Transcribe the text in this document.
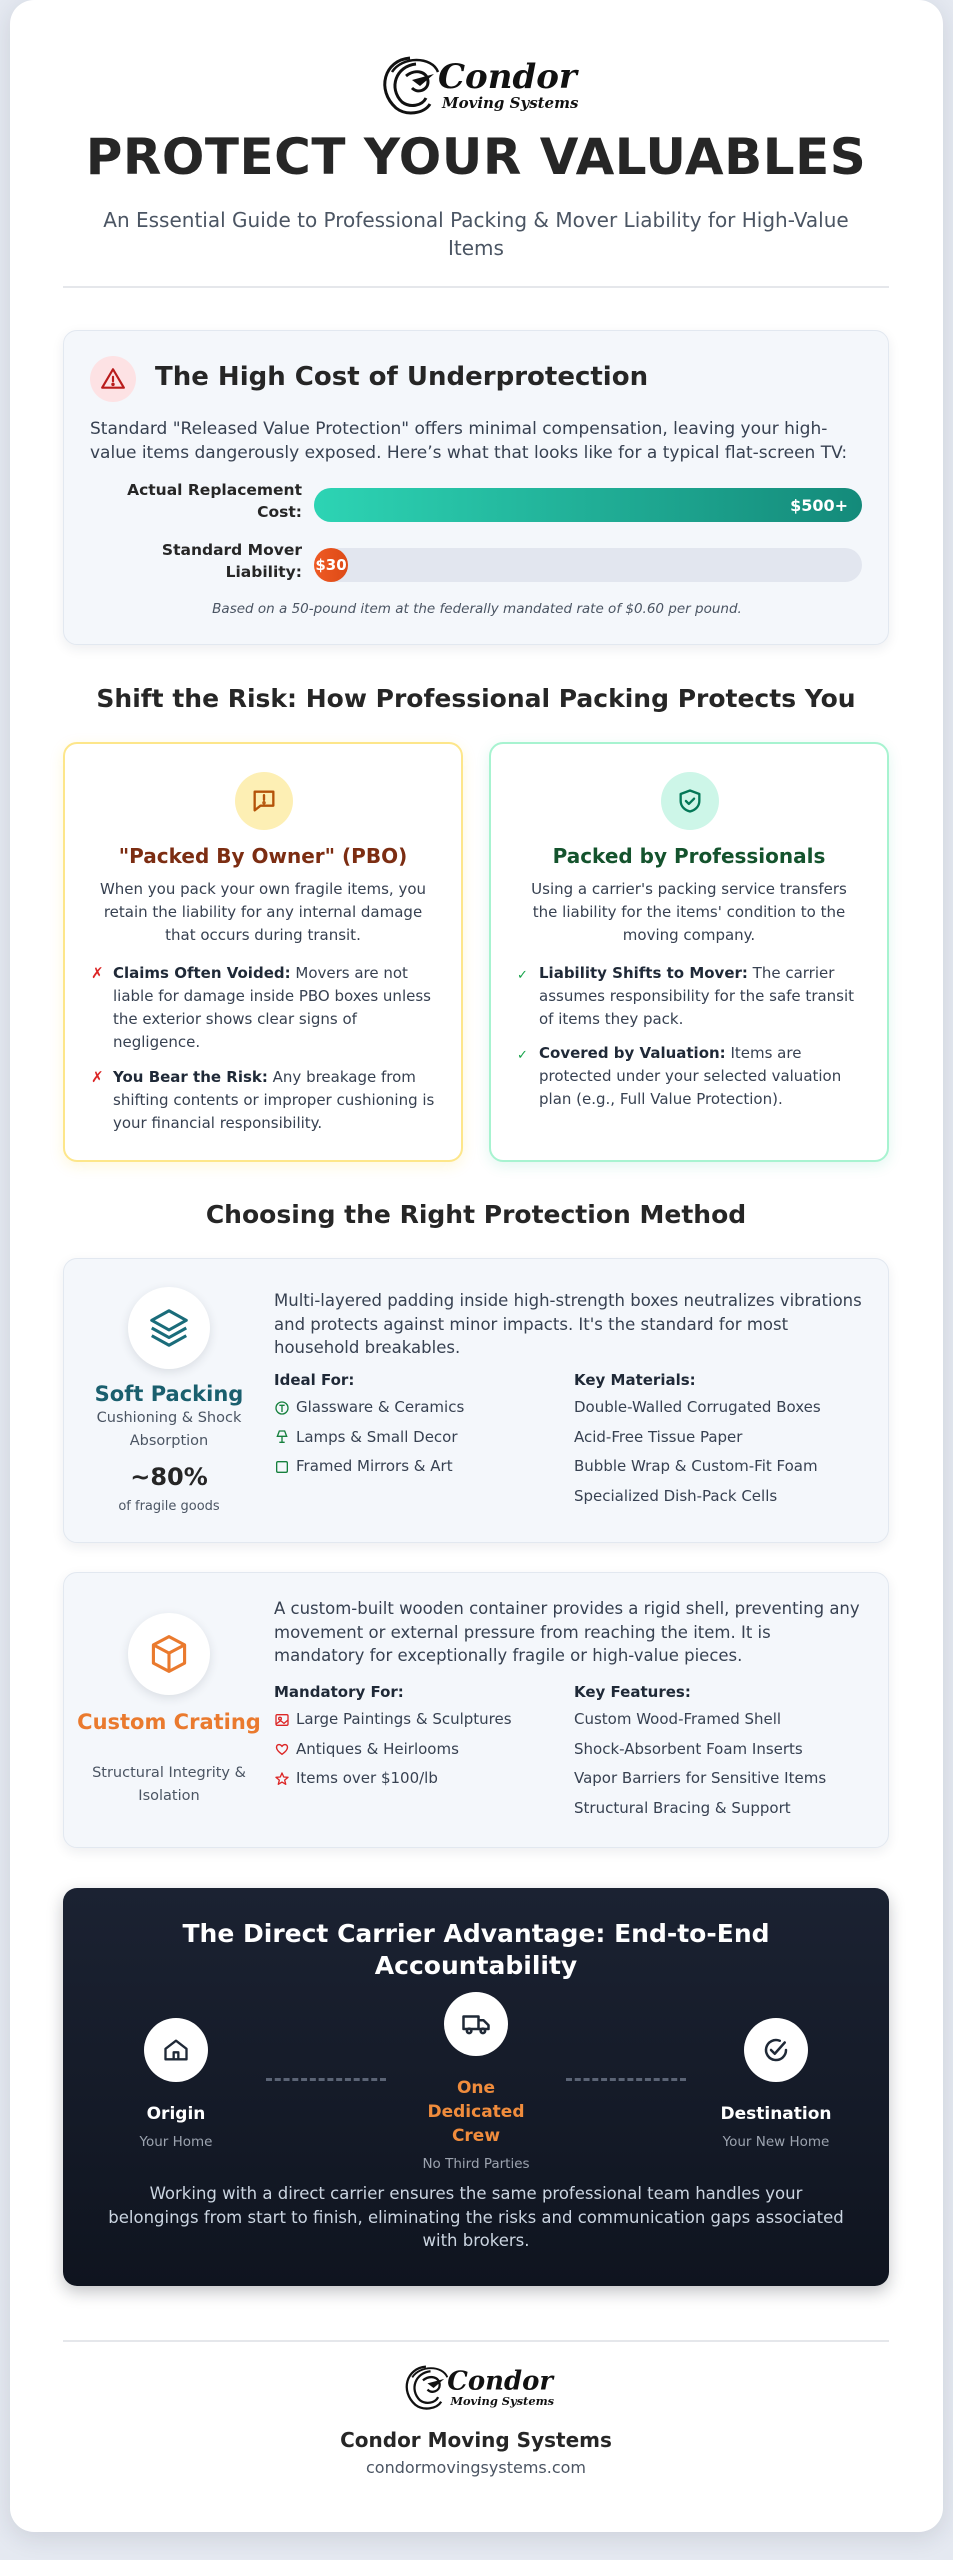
Condor
Moving Systems
PROTECT YOUR VALUABLES
An Essential Guide to Professional Packing & Mover Liability for High-Value Items
The High Cost of Underprotection
Standard "Released Value Protection" offers minimal compensation, leaving your high-value items dangerously exposed. Here’s what that looks like for a typical flat-screen TV:
Actual Replacement Cost:	$500+
Standard Mover Liability: $30
Based on a 50-pound item at the federally mandated rate of $0.60 per pound.
Shift the Risk: How Professional Packing Protects You
"Packed By Owner" (PBO)
When you pack your own fragile items, you retain the liability for any internal damage that occurs during transit.
✗ Claims Often Voided: Movers are not liable for damage inside PBO boxes unless the exterior shows clear signs of negligence.
✗ You Bear the Risk: Any breakage from shifting contents or improper cushioning is your financial responsibility.
Packed by Professionals
Using a carrier's packing service transfers the liability for the items' condition to the moving company.
✓ Liability Shifts to Mover: The carrier assumes responsibility for the safe transit of items they pack.
✓ Covered by Valuation: Items are protected under your selected valuation plan (e.g., Full Value Protection).
Choosing the Right Protection Method
Soft Packing
Cushioning & Shock Absorption
~80%
of fragile goods
Multi-layered padding inside high-strength boxes neutralizes vibrations and protects against minor impacts. It's the standard for most household breakables.
Ideal For:
Glassware & Ceramics
Lamps & Small Decor
Framed Mirrors & Art
Key Materials:
Double-Walled Corrugated Boxes
Acid-Free Tissue Paper
Bubble Wrap & Custom-Fit Foam
Specialized Dish-Pack Cells
Custom Crating
Structural Integrity & Isolation
A custom-built wooden container provides a rigid shell, preventing any movement or external pressure from reaching the item. It is mandatory for exceptionally fragile or high-value pieces.
Mandatory For:
Large Paintings & Sculptures
Antiques & Heirlooms
Items over $100/lb
Key Features:
Custom Wood-Framed Shell
Shock-Absorbent Foam Inserts
Vapor Barriers for Sensitive Items
Structural Bracing & Support
The Direct Carrier Advantage: End-to-End Accountability
Origin
Your Home
One Dedicated Crew
No Third Parties
Destination
Your New Home
Working with a direct carrier ensures the same professional team handles your belongings from start to finish, eliminating the risks and communication gaps associated with brokers.
Condor
Moving Systems
Condor Moving Systems
condormovingsystems.com
